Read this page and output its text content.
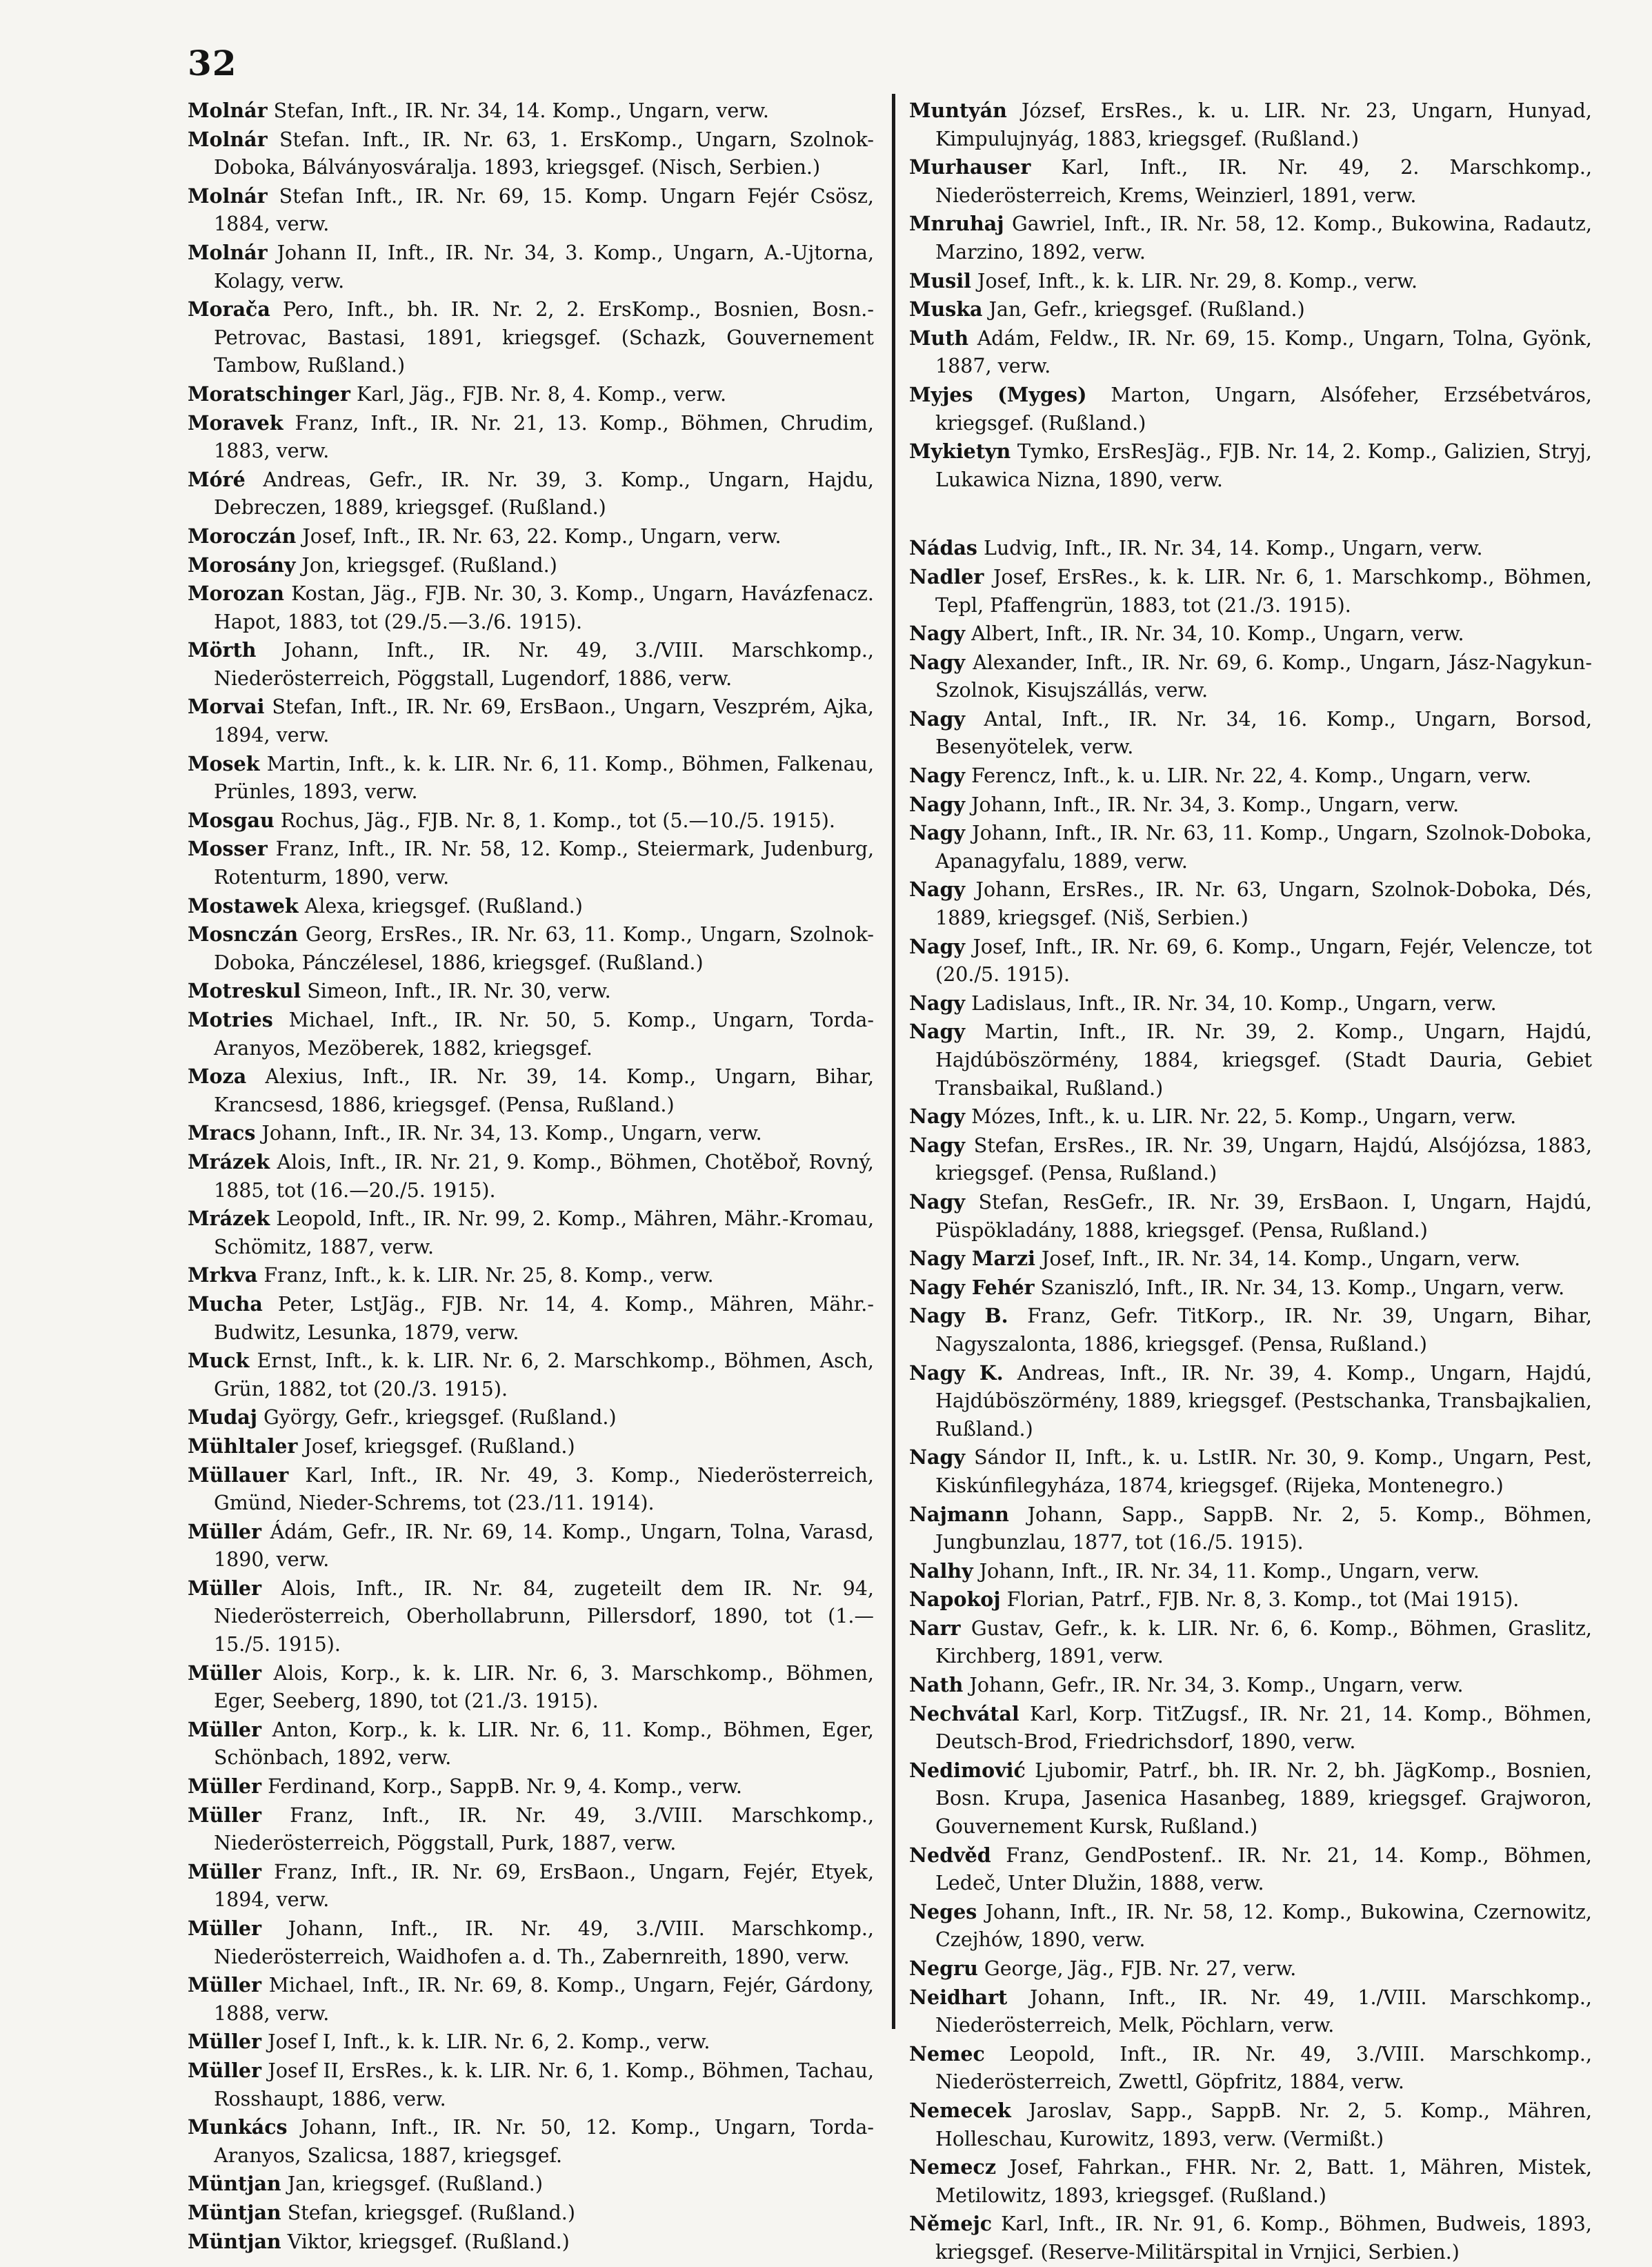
32

Molnár Stefan, Inft., IR. Nr. 34, 14. Komp., Ungarn, verw.

Molnár Stefan. Inft., IR. Nr. 63, 1. ErsKomp., Ungarn, Szolnok-Doboka, Bálványosváralja. 1893, kriegsgef. (Nisch, Serbien.)

Molnár Stefan Inft., IR. Nr. 69, 15. Komp. Ungarn Fejér Csösz, 1884, verw.

Molnár Johann II, Inft., IR. Nr. 34, 3. Komp., Ungarn, A.-Ujtorna, Kolagy, verw.

Morača Pero, Inft., bh. IR. Nr. 2, 2. ErsKomp., Bosnien, Bosn.-Petrovac, Bastasi, 1891, kriegsgef. (Schazk, Gouvernement Tambow, Rußland.)

Moratschinger Karl, Jäg., FJB. Nr. 8, 4. Komp., verw.

Moravek Franz, Inft., IR. Nr. 21, 13. Komp., Böhmen, Chrudim, 1883, verw.

Móré Andreas, Gefr., IR. Nr. 39, 3. Komp., Ungarn, Hajdu, Debreczen, 1889, kriegsgef. (Rußland.)

Moroczán Josef, Inft., IR. Nr. 63, 22. Komp., Ungarn, verw.

Morosány Jon, kriegsgef. (Rußland.)

Morozan Kostan, Jäg., FJB. Nr. 30, 3. Komp., Ungarn, Havázfenacz. Hapot, 1883, tot (29./5.—3./6. 1915).

Mörth Johann, Inft., IR. Nr. 49, 3./VIII. Marschkomp., Niederösterreich, Pöggstall, Lugendorf, 1886, verw.

Morvai Stefan, Inft., IR. Nr. 69, ErsBaon., Ungarn, Veszprém, Ajka, 1894, verw.

Mosek Martin, Inft., k. k. LIR. Nr. 6, 11. Komp., Böhmen, Falkenau, Prünles, 1893, verw.

Mosgau Rochus, Jäg., FJB. Nr. 8, 1. Komp., tot (5.—10./5. 1915).

Mosser Franz, Inft., IR. Nr. 58, 12. Komp., Steiermark, Judenburg, Rotenturm, 1890, verw.

Mostawek Alexa, kriegsgef. (Rußland.)

Mosnczán Georg, ErsRes., IR. Nr. 63, 11. Komp., Ungarn, Szolnok-Doboka, Pánczélesel, 1886, kriegsgef. (Rußland.)

Motreskul Simeon, Inft., IR. Nr. 30, verw.

Motries Michael, Inft., IR. Nr. 50, 5. Komp., Ungarn, Torda-Aranyos, Mezöberek, 1882, kriegsgef.

Moza Alexius, Inft., IR. Nr. 39, 14. Komp., Ungarn, Bihar, Krancsesd, 1886, kriegsgef. (Pensa, Rußland.)

Mracs Johann, Inft., IR. Nr. 34, 13. Komp., Ungarn, verw.

Mrázek Alois, Inft., IR. Nr. 21, 9. Komp., Böhmen, Chotěboř, Rovný, 1885, tot (16.—20./5. 1915).

Mrázek Leopold, Inft., IR. Nr. 99, 2. Komp., Mähren, Mähr.-Kromau, Schömitz, 1887, verw.

Mrkva Franz, Inft., k. k. LIR. Nr. 25, 8. Komp., verw.

Mucha Peter, LstJäg., FJB. Nr. 14, 4. Komp., Mähren, Mähr.-Budwitz, Lesunka, 1879, verw.

Muck Ernst, Inft., k. k. LIR. Nr. 6, 2. Marschkomp., Böhmen, Asch, Grün, 1882, tot (20./3. 1915).

Mudaj György, Gefr., kriegsgef. (Rußland.)

Mühltaler Josef, kriegsgef. (Rußland.)

Müllauer Karl, Inft., IR. Nr. 49, 3. Komp., Niederösterreich, Gmünd, Nieder-Schrems, tot (23./11. 1914).

Müller Ádám, Gefr., IR. Nr. 69, 14. Komp., Ungarn, Tolna, Varasd, 1890, verw.

Müller Alois, Inft., IR. Nr. 84, zugeteilt dem IR. Nr. 94, Niederösterreich, Oberhollabrunn, Pillersdorf, 1890, tot (1.—15./5. 1915).

Müller Alois, Korp., k. k. LIR. Nr. 6, 3. Marschkomp., Böhmen, Eger, Seeberg, 1890, tot (21./3. 1915).

Müller Anton, Korp., k. k. LIR. Nr. 6, 11. Komp., Böhmen, Eger, Schönbach, 1892, verw.

Müller Ferdinand, Korp., SappB. Nr. 9, 4. Komp., verw.

Müller Franz, Inft., IR. Nr. 49, 3./VIII. Marschkomp., Niederösterreich, Pöggstall, Purk, 1887, verw.

Müller Franz, Inft., IR. Nr. 69, ErsBaon., Ungarn, Fejér, Etyek, 1894, verw.

Müller Johann, Inft., IR. Nr. 49, 3./VIII. Marschkomp., Niederösterreich, Waidhofen a. d. Th., Zabernreith, 1890, verw.

Müller Michael, Inft., IR. Nr. 69, 8. Komp., Ungarn, Fejér, Gárdony, 1888, verw.

Müller Josef I, Inft., k. k. LIR. Nr. 6, 2. Komp., verw.

Müller Josef II, ErsRes., k. k. LIR. Nr. 6, 1. Komp., Böhmen, Tachau, Rosshaupt, 1886, verw.

Munkács Johann, Inft., IR. Nr. 50, 12. Komp., Ungarn, Torda-Aranyos, Szalicsa, 1887, kriegsgef.

Müntjan Jan, kriegsgef. (Rußland.)

Müntjan Stefan, kriegsgef. (Rußland.)

Müntjan Viktor, kriegsgef. (Rußland.)

Muntyán József, ErsRes., k. u. LIR. Nr. 23, Ungarn, Hunyad, Kimpulujnyág, 1883, kriegsgef. (Rußland.)

Murhauser Karl, Inft., IR. Nr. 49, 2. Marschkomp., Niederösterreich, Krems, Weinzierl, 1891, verw.

Mnruhaj Gawriel, Inft., IR. Nr. 58, 12. Komp., Bukowina, Radautz, Marzino, 1892, verw.

Musil Josef, Inft., k. k. LIR. Nr. 29, 8. Komp., verw.

Muska Jan, Gefr., kriegsgef. (Rußland.)

Muth Adám, Feldw., IR. Nr. 69, 15. Komp., Ungarn, Tolna, Gyönk, 1887, verw.

Myjes (Myges) Marton, Ungarn, Alsófeher, Erzsébetváros, kriegsgef. (Rußland.)

Mykietyn Tymko, ErsResJäg., FJB. Nr. 14, 2. Komp., Galizien, Stryj, Lukawica Nizna, 1890, verw.

Nádas Ludvig, Inft., IR. Nr. 34, 14. Komp., Ungarn, verw.

Nadler Josef, ErsRes., k. k. LIR. Nr. 6, 1. Marschkomp., Böhmen, Tepl, Pfaffengrün, 1883, tot (21./3. 1915).

Nagy Albert, Inft., IR. Nr. 34, 10. Komp., Ungarn, verw.

Nagy Alexander, Inft., IR. Nr. 69, 6. Komp., Ungarn, Jász-Nagykun-Szolnok, Kisujszállás, verw.

Nagy Antal, Inft., IR. Nr. 34, 16. Komp., Ungarn, Borsod, Besenyötelek, verw.

Nagy Ferencz, Inft., k. u. LIR. Nr. 22, 4. Komp., Ungarn, verw.

Nagy Johann, Inft., IR. Nr. 34, 3. Komp., Ungarn, verw.

Nagy Johann, Inft., IR. Nr. 63, 11. Komp., Ungarn, Szolnok-Doboka, Apanagyfalu, 1889, verw.

Nagy Johann, ErsRes., IR. Nr. 63, Ungarn, Szolnok-Doboka, Dés, 1889, kriegsgef. (Niš, Serbien.)

Nagy Josef, Inft., IR. Nr. 69, 6. Komp., Ungarn, Fejér, Velencze, tot (20./5. 1915).

Nagy Ladislaus, Inft., IR. Nr. 34, 10. Komp., Ungarn, verw.

Nagy Martin, Inft., IR. Nr. 39, 2. Komp., Ungarn, Hajdú, Hajdúböszörmény, 1884, kriegsgef. (Stadt Dauria, Gebiet Transbaikal, Rußland.)

Nagy Mózes, Inft., k. u. LIR. Nr. 22, 5. Komp., Ungarn, verw.

Nagy Stefan, ErsRes., IR. Nr. 39, Ungarn, Hajdú, Alsójózsa, 1883, kriegsgef. (Pensa, Rußland.)

Nagy Stefan, ResGefr., IR. Nr. 39, ErsBaon. I, Ungarn, Hajdú, Püspökladány, 1888, kriegsgef. (Pensa, Rußland.)

Nagy Marzi Josef, Inft., IR. Nr. 34, 14. Komp., Ungarn, verw.

Nagy Fehér Szaniszló, Inft., IR. Nr. 34, 13. Komp., Ungarn, verw.

Nagy B. Franz, Gefr. TitKorp., IR. Nr. 39, Ungarn, Bihar, Nagyszalonta, 1886, kriegsgef. (Pensa, Rußland.)

Nagy K. Andreas, Inft., IR. Nr. 39, 4. Komp., Ungarn, Hajdú, Hajdúböszörmény, 1889, kriegsgef. (Pestschanka, Transbajkalien, Rußland.)

Nagy Sándor II, Inft., k. u. LstIR. Nr. 30, 9. Komp., Ungarn, Pest, Kiskúnfilegyháza, 1874, kriegsgef. (Rijeka, Montenegro.)

Najmann Johann, Sapp., SappB. Nr. 2, 5. Komp., Böhmen, Jungbunzlau, 1877, tot (16./5. 1915).

Nalhy Johann, Inft., IR. Nr. 34, 11. Komp., Ungarn, verw.

Napokoj Florian, Patrf., FJB. Nr. 8, 3. Komp., tot (Mai 1915).

Narr Gustav, Gefr., k. k. LIR. Nr. 6, 6. Komp., Böhmen, Graslitz, Kirchberg, 1891, verw.

Nath Johann, Gefr., IR. Nr. 34, 3. Komp., Ungarn, verw.

Nechvátal Karl, Korp. TitZugsf., IR. Nr. 21, 14. Komp., Böhmen, Deutsch-Brod, Friedrichsdorf, 1890, verw.

Nedimović Ljubomir, Patrf., bh. IR. Nr. 2, bh. JägKomp., Bosnien, Bosn. Krupa, Jasenica Hasanbeg, 1889, kriegsgef. Grajworon, Gouvernement Kursk, Rußland.)

Nedvěd Franz, GendPostenf.. IR. Nr. 21, 14. Komp., Böhmen, Ledeč, Unter Dlužin, 1888, verw.

Neges Johann, Inft., IR. Nr. 58, 12. Komp., Bukowina, Czernowitz, Czejhów, 1890, verw.

Negru George, Jäg., FJB. Nr. 27, verw.

Neidhart Johann, Inft., IR. Nr. 49, 1./VIII. Marschkomp., Niederösterreich, Melk, Pöchlarn, verw.

Nemec Leopold, Inft., IR. Nr. 49, 3./VIII. Marschkomp., Niederösterreich, Zwettl, Göpfritz, 1884, verw.

Nemecek Jaroslav, Sapp., SappB. Nr. 2, 5. Komp., Mähren, Holleschau, Kurowitz, 1893, verw. (Vermißt.)

Nemecz Josef, Fahrkan., FHR. Nr. 2, Batt. 1, Mähren, Mistek, Metilowitz, 1893, kriegsgef. (Rußland.)

Němejc Karl, Inft., IR. Nr. 91, 6. Komp., Böhmen, Budweis, 1893, kriegsgef. (Reserve-Militärspital in Vrnjici, Serbien.)
